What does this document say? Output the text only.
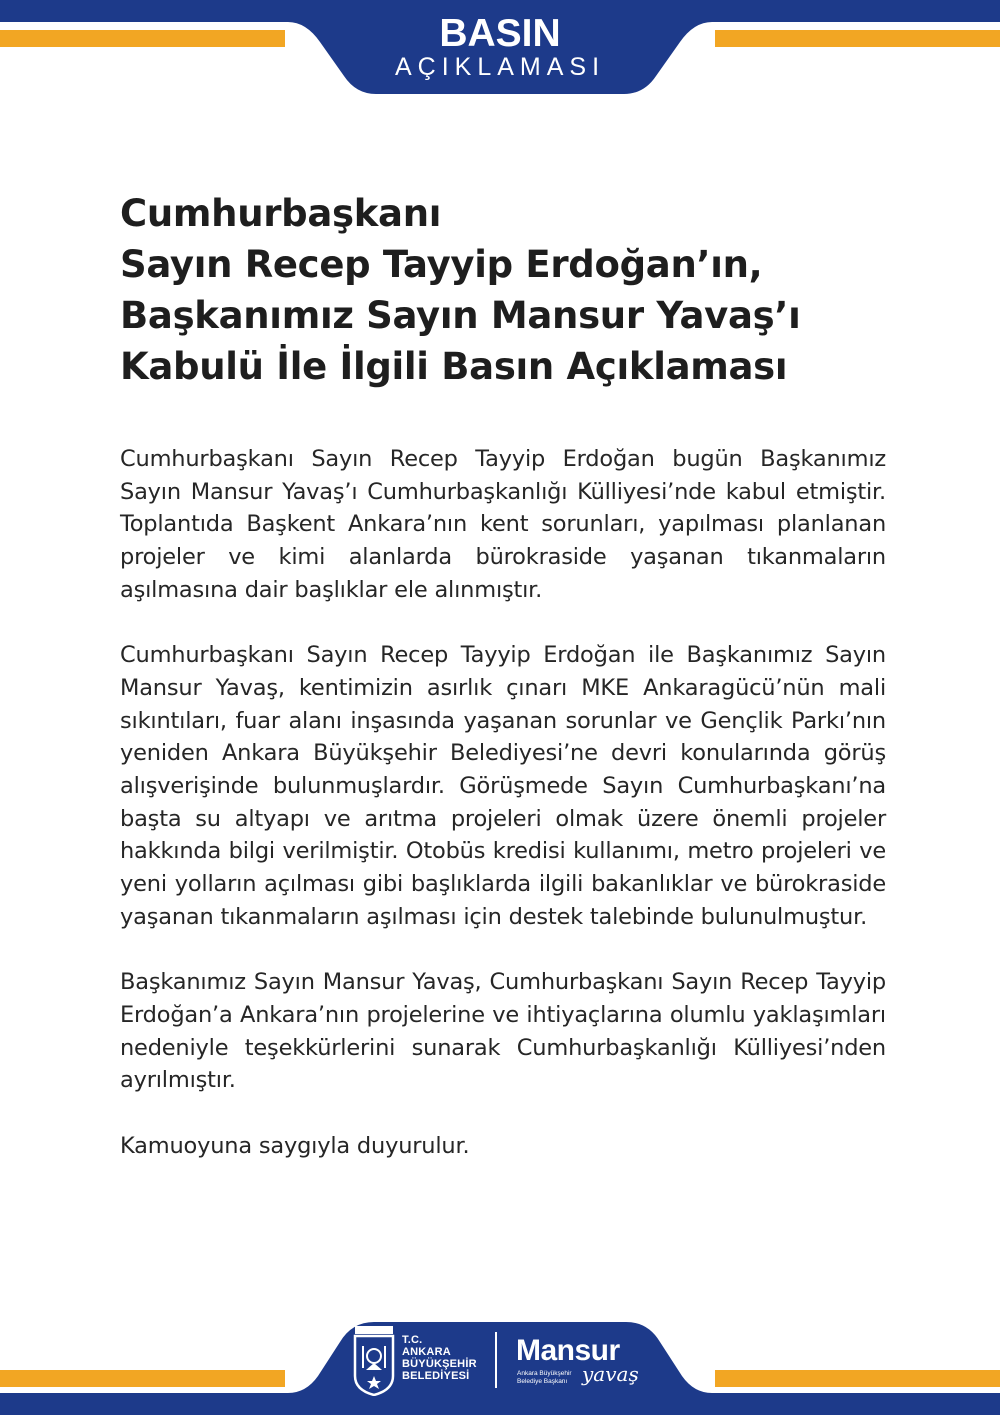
BASIN
AÇIKLAMASI
Cumhurbaşkanı
Sayın Recep Tayyip Erdoğan’ın,
Başkanımız Sayın Mansur Yavaş’ı
Kabulü İle İlgili Basın Açıklaması

Cumhurbaşkanı Sayın Recep Tayyip Erdoğan bugün Başkanımız Sayın Mansur Yavaş’ı Cumhurbaşkanlığı Külliyesi’nde kabul etmiştir. Toplantıda Başkent Ankara’nın kent sorunları, yapılması planlanan projeler ve kimi alanlarda bürokraside yaşanan tıkanmaların aşılmasına dair başlıklar ele alınmıştır.

Cumhurbaşkanı Sayın Recep Tayyip Erdoğan ile Başkanımız Sayın Mansur Yavaş, kentimizin asırlık çınarı MKE Ankaragücü’nün mali sıkıntıları, fuar alanı inşasında yaşanan sorunlar ve Gençlik Parkı’nın yeniden Ankara Büyükşehir Belediyesi’ne devri konularında görüş alışverişinde bulunmuşlardır. Görüşmede Sayın Cumhurbaşkanı’na başta su altyapı ve arıtma projeleri olmak üzere önemli projeler hakkında bilgi verilmiştir. Otobüs kredisi kullanımı, metro projeleri ve yeni yolların açılması gibi başlıklarda ilgili bakanlıklar ve bürokraside yaşanan tıkanmaların aşılması için destek talebinde bulunulmuştur.

Başkanımız Sayın Mansur Yavaş, Cumhurbaşkanı Sayın Recep Tayyip Erdoğan’a Ankara’nın projelerine ve ihtiyaçlarına olumlu yaklaşımları nedeniyle teşekkürlerini sunarak Cumhurbaşkanlığı Külliyesi’nden ayrılmıştır.

Kamuoyuna saygıyla duyurulur.

T.C.
ANKARA
BÜYÜKŞEHİR
BELEDİYESİ
Mansur
Ankara Büyükşehir
Belediye Başkanı yavaş
